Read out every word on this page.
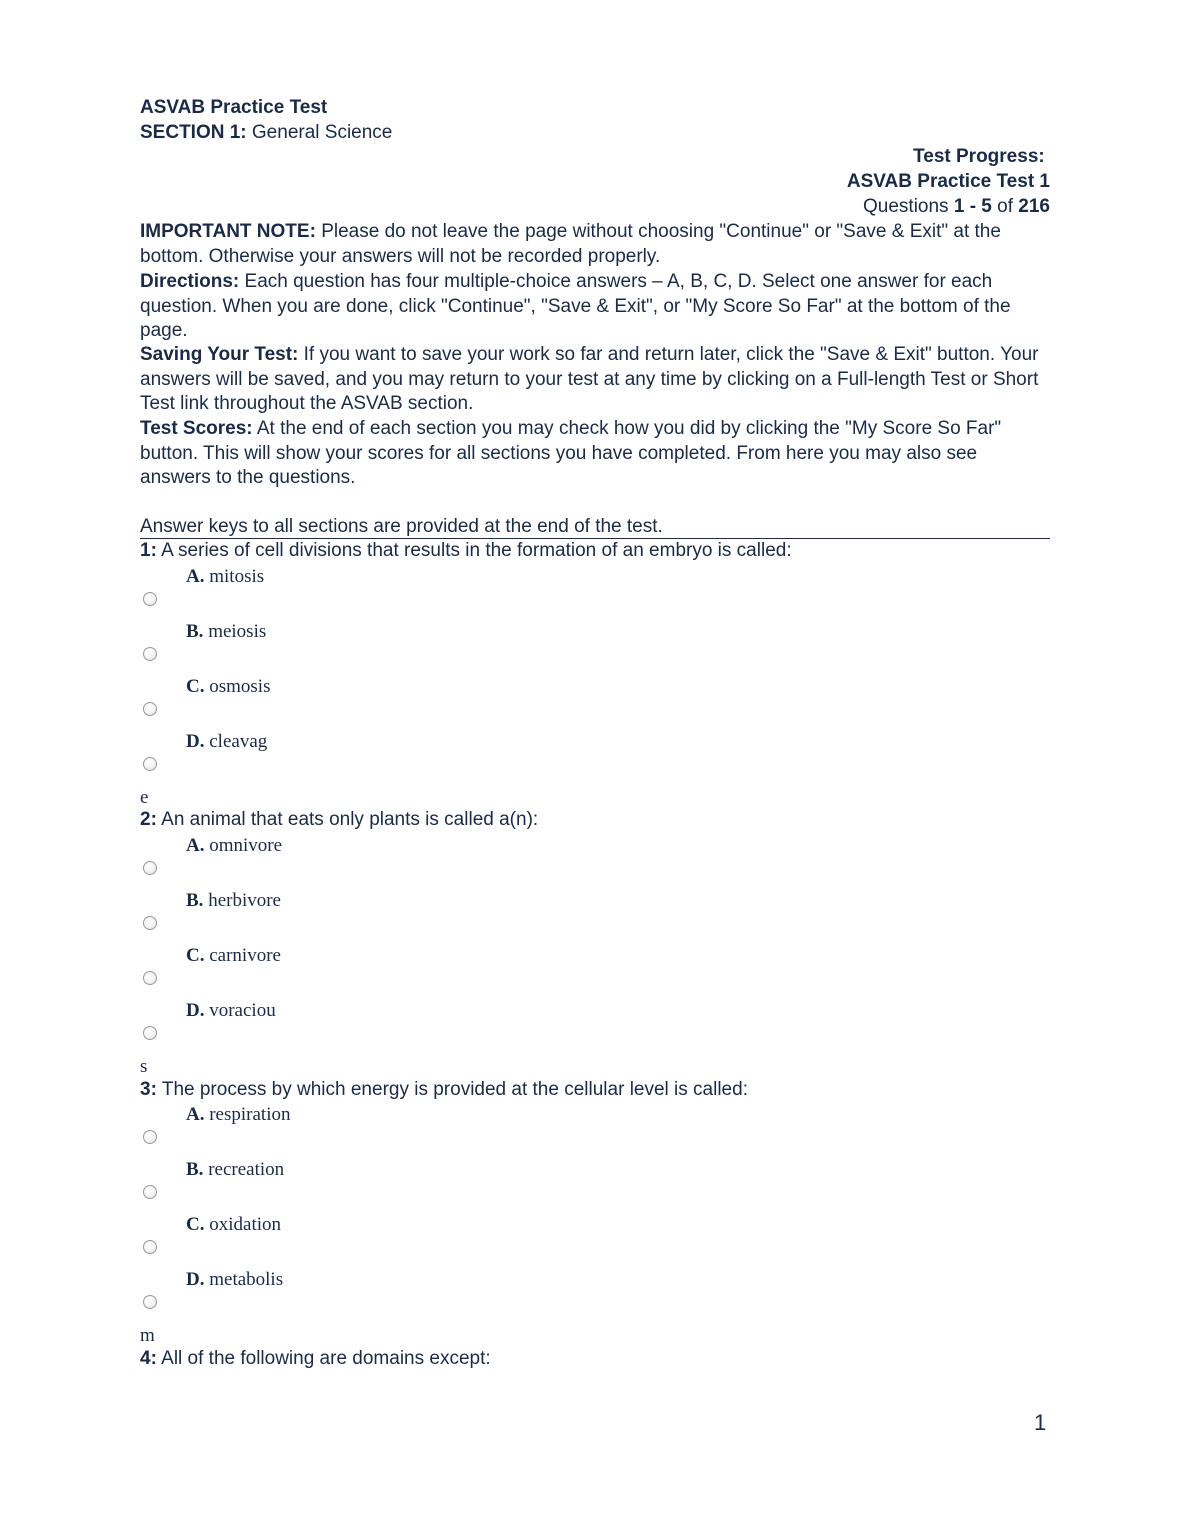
ASVAB Practice Test
SECTION 1: General Science
Test Progress:
ASVAB Practice Test 1
Questions 1 - 5 of 216
IMPORTANT NOTE: Please do not leave the page without choosing "Continue" or "Save & Exit" at the bottom. Otherwise your answers will not be recorded properly.
Directions: Each question has four multiple-choice answers – A, B, C, D. Select one answer for each question. When you are done, click "Continue", "Save & Exit", or "My Score So Far" at the bottom of the page.
Saving Your Test: If you want to save your work so far and return later, click the "Save & Exit" button. Your answers will be saved, and you may return to your test at any time by clicking on a Full-length Test or Short Test link throughout the ASVAB section.
Test Scores: At the end of each section you may check how you did by clicking the "My Score So Far" button. This will show your scores for all sections you have completed. From here you may also see answers to the questions.
Answer keys to all sections are provided at the end of the test.
1: A series of cell divisions that results in the formation of an embryo is called:
A. mitosis
B. meiosis
C. osmosis
D. cleavag
e
2: An animal that eats only plants is called a(n):
A. omnivore
B. herbivore
C. carnivore
D. voraciou
s
3: The process by which energy is provided at the cellular level is called:
A. respiration
B. recreation
C. oxidation
D. metabolis
m
4: All of the following are domains except:
1
